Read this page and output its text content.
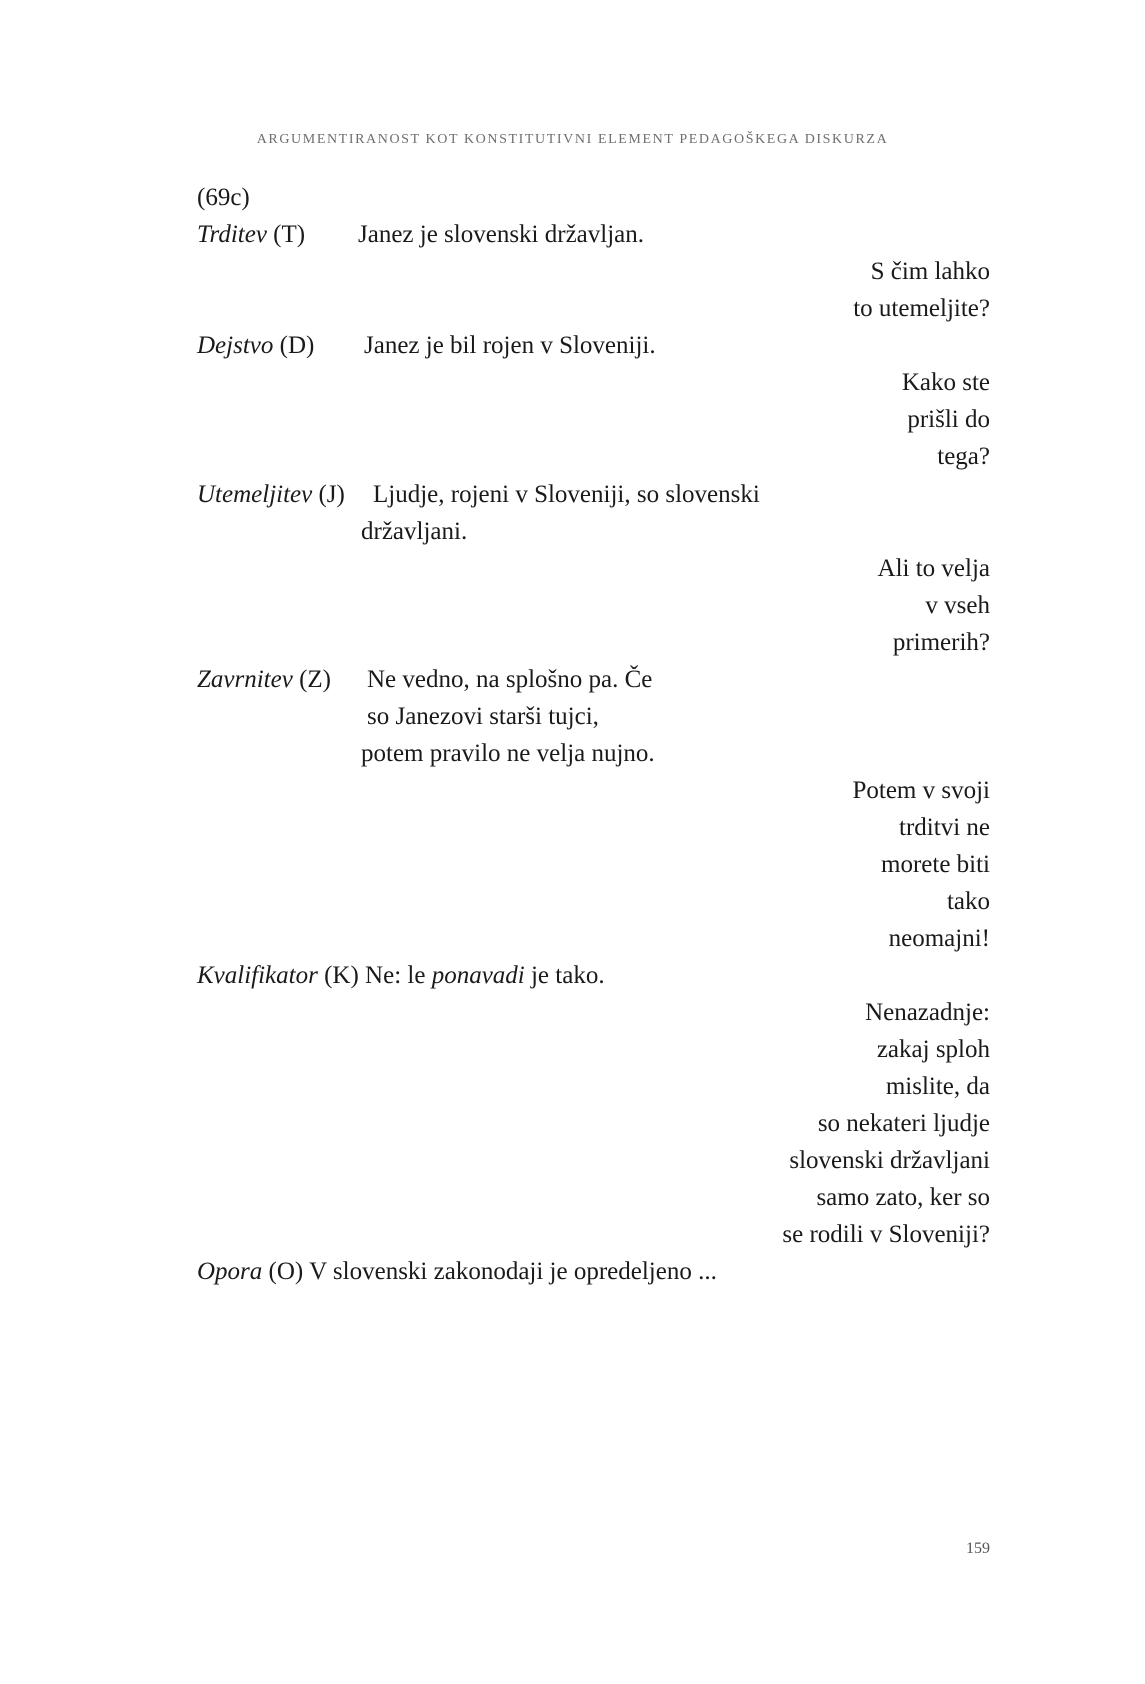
ARGUMENTIRANOST KOT KONSTITUTIVNI ELEMENT PEDAGOŠKEGA DISKURZA
(69c)
Trditev (T) Janez je slovenski državljan.
S čim lahko
to utemeljite?
Dejstvo (D) Janez je bil rojen v Sloveniji.
Kako ste
prišli do
tega?
Utemeljitev (J) Ljudje, rojeni v Sloveniji, so slovenski
državljani.
Ali to velja
v vseh
primerih?
Zavrnitev (Z) Ne vedno, na splošno pa. Če
so Janezovi starši tujci,
potem pravilo ne velja nujno.
Potem v svoji
trditvi ne
morete biti
tako
neomajni!
Kvalifikator (K) Ne: le ponavadi je tako.
Nenazadnje:
zakaj sploh
mislite, da
so nekateri ljudje
slovenski državljani
samo zato, ker so
se rodili v Sloveniji?
Opora (O) V slovenski zakonodaji je opredeljeno ...
159
